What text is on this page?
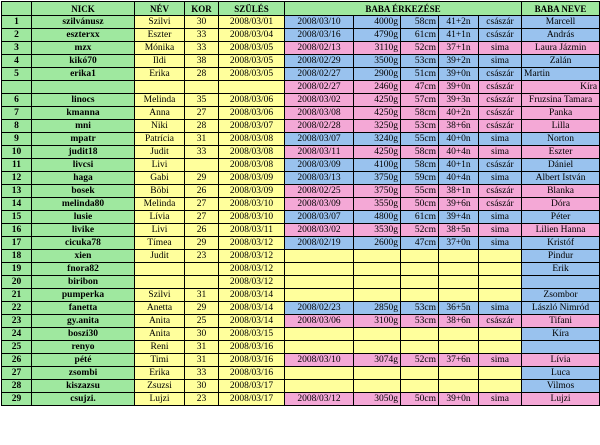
	NICK	NÉV	KOR	SZÜLÉS	BABA ÉRKEZÉSE					BABA NEVE
1	szilvánusz	Szilvi	30	2008/03/01	2008/03/10	4000g	58cm	41+2n	császár	Marcell
2	eszterxx	Eszter	33	2008/03/04	2008/03/16	4790g	61cm	41+1n	császár	András
3	mzx	Mónika	33	2008/03/05	2008/02/13	3110g	52cm	37+1n	sima	Laura Jázmin
4	kikó70	Ildi	38	2008/03/05	2008/02/29	3500g	53cm	39+2n	sima	Zalán
5	erika1	Erika	28	2008/03/05	2008/02/27	2900g	51cm	39+0n	császár	Martin
					2008/02/27	2460g	47cm	39+0n	császár	Kíra
6	linocs	Melinda	35	2008/03/06	2008/03/02	4250g	57cm	39+3n	császár	Fruzsina Tamara
7	kmanna	Anna	27	2008/03/06	2008/03/08	4250g	58cm	40+2n	császár	Panka
8	mni	Niki	28	2008/03/07	2008/02/28	3250g	53cm	38+6n	császár	Lilla
9	mpatr	Patrícia	31	2008/03/08	2008/03/07	3240g	55cm	40+0n	sima	Norton
10	judit18	Judit	33	2008/03/08	2008/03/11	4250g	58cm	40+4n	sima	Eszter
11	livcsi	Livi		2008/03/08	2008/03/09	4100g	58cm	40+1n	császár	Dániel
12	haga	Gabi	29	2008/03/09	2008/03/13	3750g	59cm	40+4n	sima	Albert István
13	bosek	Böbi	26	2008/03/09	2008/02/25	3750g	55cm	38+1n	császár	Blanka
14	melinda80	Melinda	27	2008/03/10	2008/03/09	3550g	50cm	39+6n	császár	Dóra
15	lusie	Lívia	27	2008/03/10	2008/03/07	4800g	61cm	39+4n	sima	Péter
16	livike	Livi	26	2008/03/11	2008/03/02	3530g	52cm	38+5n	sima	Lilien Hanna
17	cicuka78	Tímea	29	2008/03/12	2008/02/19	2600g	47cm	37+0n	sima	Kristóf
18	xien	Judit	23	2008/03/12						Pindur
19	fnora82			2008/03/12						Erik
20	biribon			2008/03/12						
21	pumperka	Szilvi	31	2008/03/14						Zsombor
22	fanetta	Anetta	29	2008/03/14	2008/02/23	2850g	53cm	36+5n	sima	László Nimród
23	gy.anita	Anita	25	2008/03/14	2008/03/06	3100g	53cm	38+6n	császár	Tifani
24	boszi30	Anita	30	2008/03/15						Kíra
25	renyo	Reni	31	2008/03/16						
26	pété	Timi	31	2008/03/16	2008/03/10	3074g	52cm	37+6n	sima	Lívia
27	zsombi	Erika	33	2008/03/16						Luca
28	kiszazsu	Zsuzsi	30	2008/03/17						Vilmos
29	csujzi.	Lujzi	23	2008/03/17	2008/03/12	3050g	50cm	39+0n	sima	Lujzi
